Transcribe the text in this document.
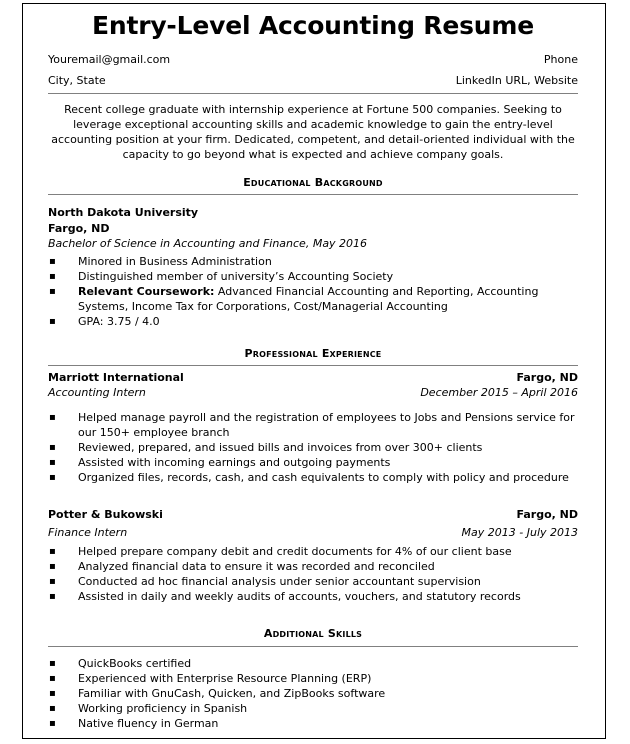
Entry-Level Accounting Resume
Youremail@gmail.com	Phone
City, State	LinkedIn URL, Website
Recent college graduate with internship experience at Fortune 500 companies. Seeking to leverage exceptional accounting skills and academic knowledge to gain the entry-level accounting position at your firm. Dedicated, competent, and detail-oriented individual with the capacity to go beyond what is expected and achieve company goals.
Educational Background
North Dakota University
Fargo, ND
Bachelor of Science in Accounting and Finance, May 2016
▪ Minored in Business Administration
▪ Distinguished member of university’s Accounting Society
▪ Relevant Coursework: Advanced Financial Accounting and Reporting, Accounting Systems, Income Tax for Corporations, Cost/Managerial Accounting
▪ GPA: 3.75 / 4.0
Professional Experience
Marriott International	Fargo, ND
Accounting Intern	December 2015 – April 2016
▪ Helped manage payroll and the registration of employees to Jobs and Pensions service for our 150+ employee branch
▪ Reviewed, prepared, and issued bills and invoices from over 300+ clients
▪ Assisted with incoming earnings and outgoing payments
▪ Organized files, records, cash, and cash equivalents to comply with policy and procedure
Potter & Bukowski	Fargo, ND
Finance Intern	May 2013 - July 2013
▪ Helped prepare company debit and credit documents for 4% of our client base
▪ Analyzed financial data to ensure it was recorded and reconciled
▪ Conducted ad hoc financial analysis under senior accountant supervision
▪ Assisted in daily and weekly audits of accounts, vouchers, and statutory records
Additional Skills
▪ QuickBooks certified
▪ Experienced with Enterprise Resource Planning (ERP)
▪ Familiar with GnuCash, Quicken, and ZipBooks software
▪ Working proficiency in Spanish
▪ Native fluency in German
